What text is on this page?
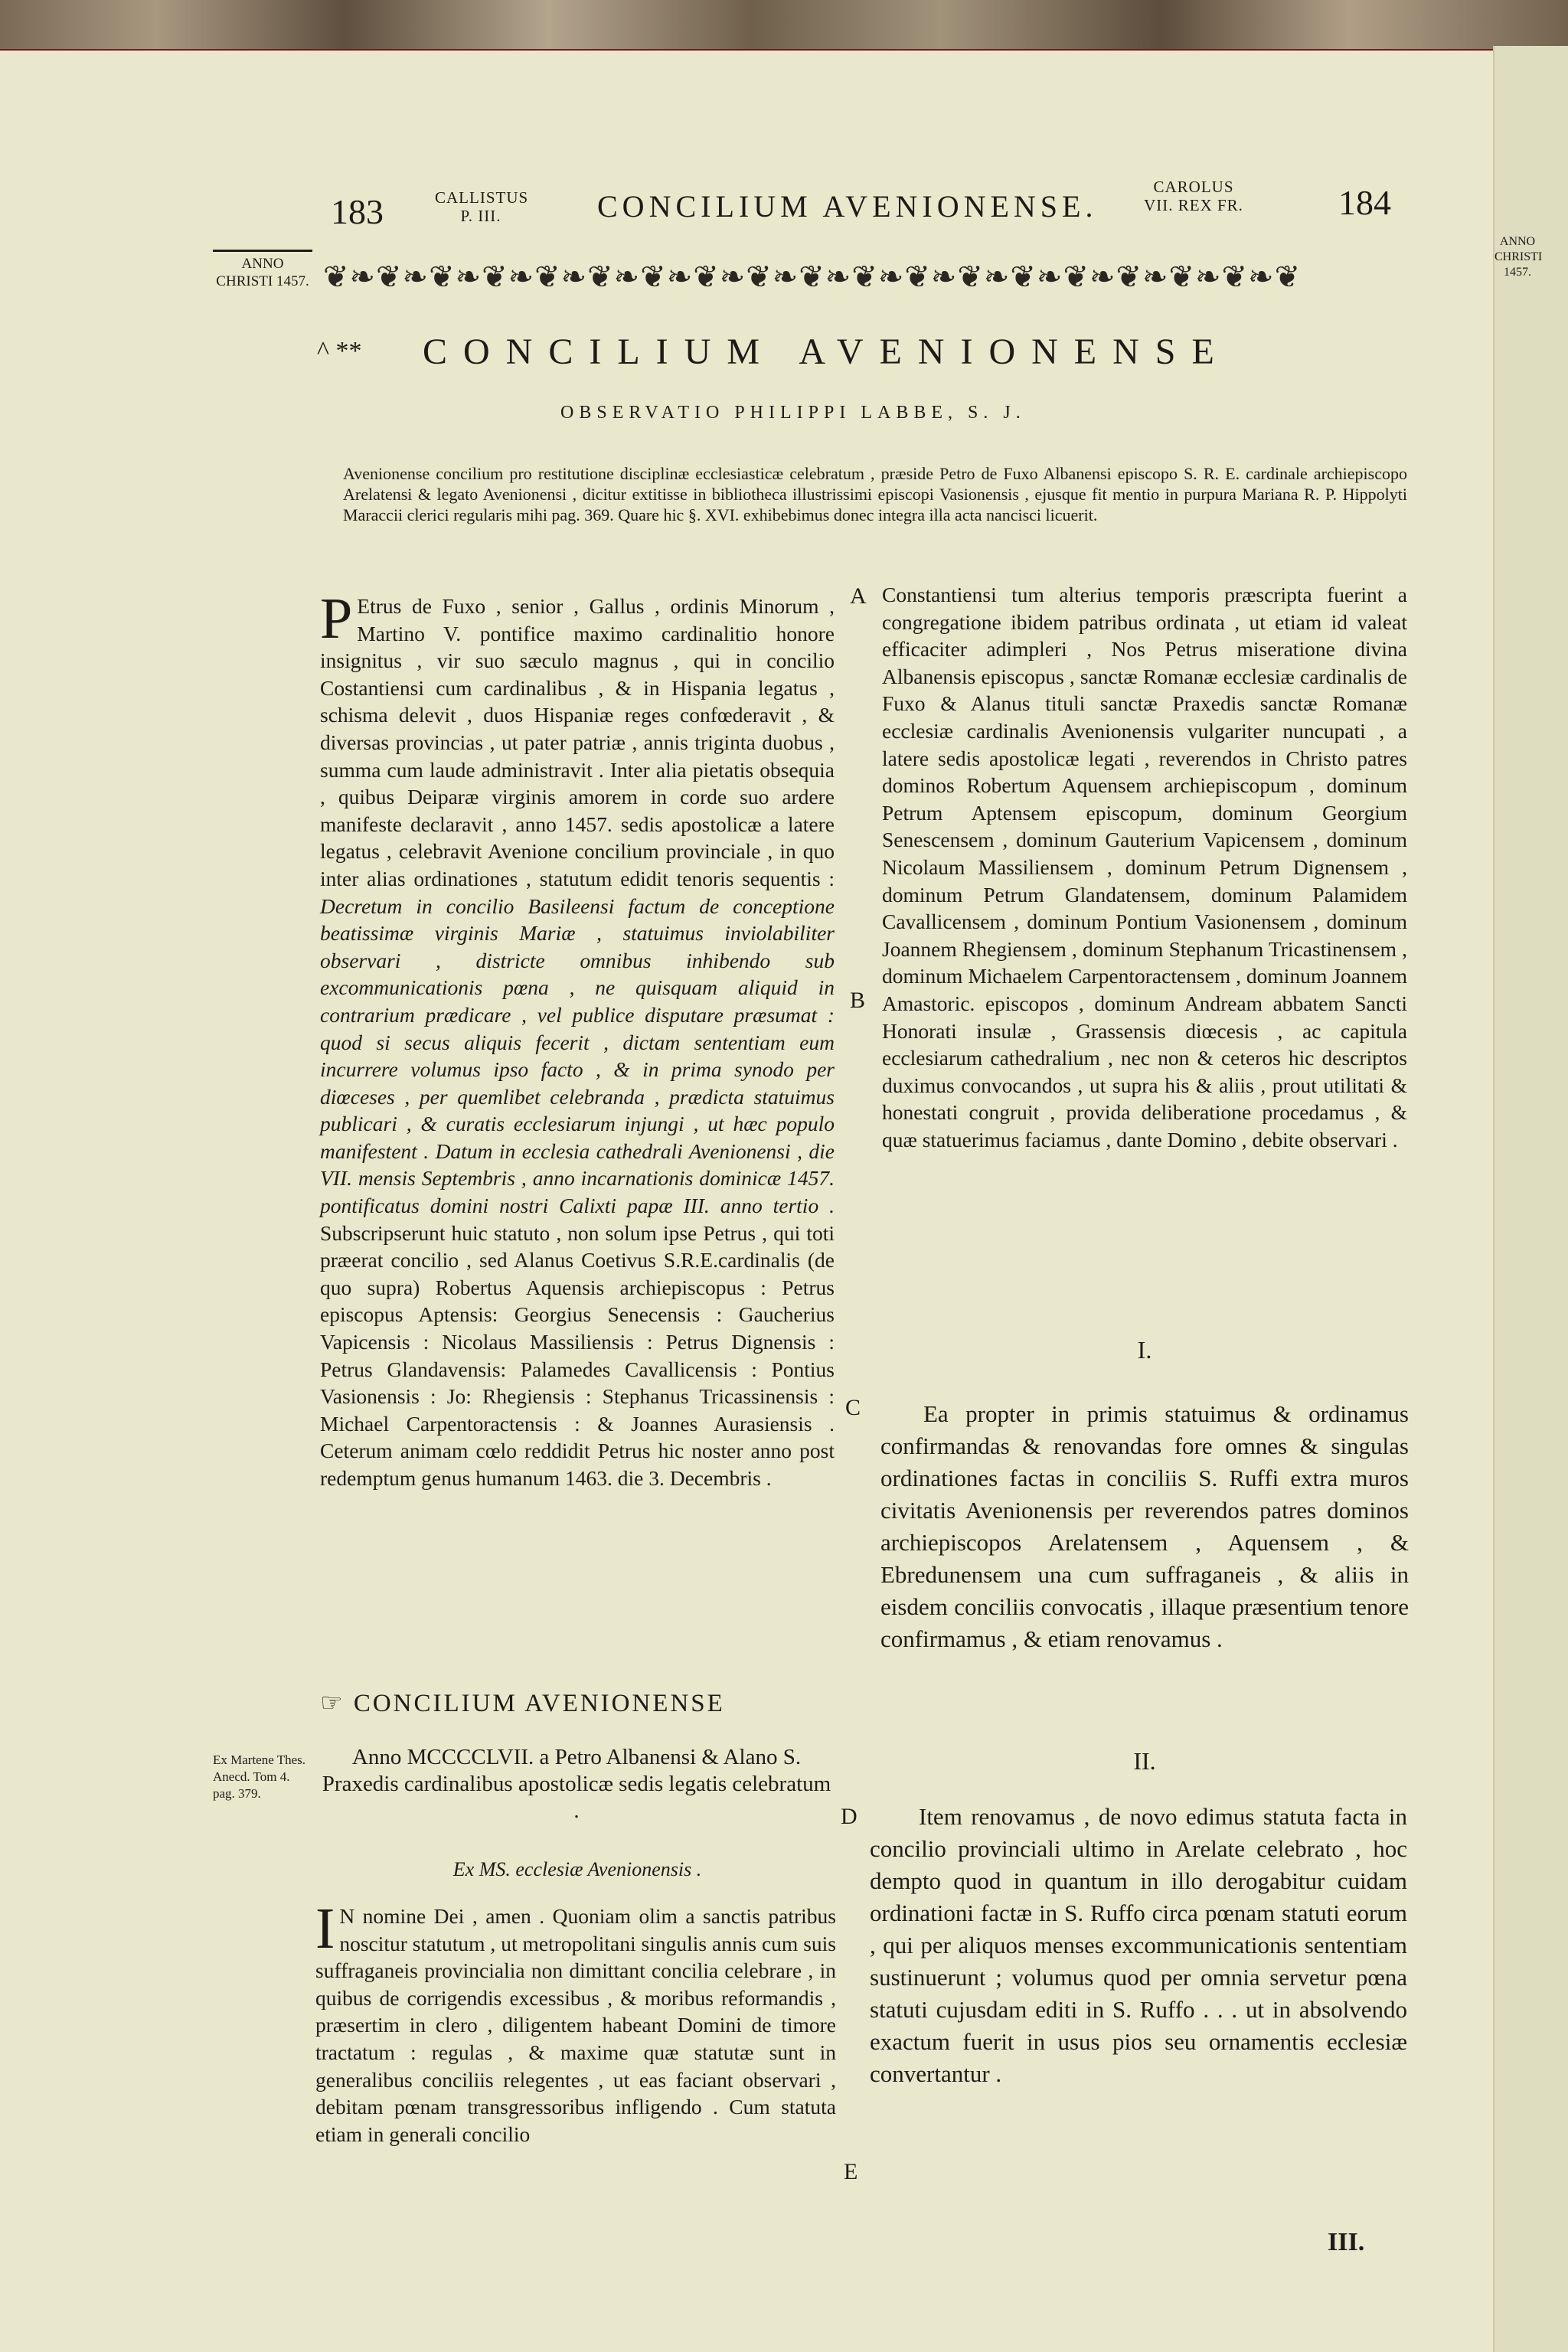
ANNO CHRISTI 1457.
183	CALLISTUS P. III.	CONCILIUM AVENIONENSE.
CAROLUS VII. REX FR.	184
ANNO CHRISTI 1457. ❦❧❦❧❦❧❦❧❦❧❦❧❦❧❦❧❦❧❦❧❦❧❦❧❦❧❦❧❦❧❦❧❦❧❦❧❦
^ ** CONCILIUM AVENIONENSE
OBSERVATIO PHILIPPI LABBE, S. J.
Avenionense concilium pro restitutione disciplinæ ecclesiasticæ celebratum , præside Petro de Fuxo Albanensi episcopo S. R. E. cardinale archiepiscopo Arelatensi & legato Avenionensi , dicitur extitisse in bibliotheca illustrissimi episcopi Vasionensis , ejusque fit mentio in purpura Mariana R. P. Hippolyti Maraccii clerici regularis mihi pag. 369. Quare hic §. XVI. exhibebimus donec integra illa acta nancisci licuerit.
P Etrus de Fuxo , senior , Gallus , ordinis Minorum , Martino V. pontifice maximo cardinalitio honore insignitus , vir suo sæculo magnus , qui in concilio Costantiensi cum cardinalibus , & in Hispania legatus , schisma delevit , duos Hispaniæ reges confœderavit , & diversas provincias , ut pater patriæ , annis triginta duobus , summa cum laude administravit . Inter alia pietatis obsequia , quibus Deiparæ virginis amorem in corde suo ardere manifeste declaravit , anno 1457. sedis apostolicæ a latere legatus , celebravit Avenione concilium provinciale , in quo inter alias ordinationes , statutum edidit tenoris sequentis : Decretum in concilio Basileensi factum de conceptione beatissimæ virginis Mariæ , statuimus inviolabiliter observari , districte omnibus inhibendo sub excommunicationis pœna , ne quisquam aliquid in contrarium prædicare , vel publice disputare præsumat : quod si secus aliquis fecerit , dictam sententiam eum incurrere volumus ipso facto , & in prima synodo per diœceses , per quemlibet celebranda , prædicta statuimus publicari , & curatis ecclesiarum injungi , ut hæc populo manifestent . Datum in ecclesia cathedrali Avenionensi , die VII. mensis Septembris , anno incarnationis dominicæ 1457. pontificatus domini nostri Calixti papæ III. anno tertio . Subscripserunt huic statuto , non solum ipse Petrus , qui toti præerat concilio , sed Alanus Coetivus S.R.E.cardinalis (de quo supra) Robertus Aquensis archiepiscopus : Petrus episcopus Aptensis: Georgius Senecensis : Gaucherius Vapicensis : Nicolaus Massiliensis : Petrus Dignensis : Petrus Glandavensis: Palamedes Cavallicensis : Pontius Vasionensis : Jo: Rhegiensis : Stephanus Tricassinensis : Michael Carpentoractensis : & Joannes Aurasiensis . Ceterum animam cœlo reddidit Petrus hic noster anno post redemptum genus humanum 1463. die 3. Decembris .
☞ CONCILIUM AVENIONENSE
Anno MCCCCLVII. a Petro Albanensi & Alano S. Praxedis cardinalibus apostolicæ sedis legatis celebratum .
Ex MS. ecclesiæ Avenionensis .
I N nomine Dei , amen . Quoniam olim a sanctis patribus noscitur statutum , ut metropolitani singulis annis cum suis suffraganeis provincialia non dimittant concilia celebrare , in quibus de corrigendis excessibus , & moribus reformandis , præsertim in clero , diligentem habeant Domini de timore tractatum : regulas , & maxime quæ statutæ sunt in generalibus conciliis relegentes , ut eas faciant observari , debitam pœnam transgressoribus infligendo . Cum statuta etiam in generali concilio
Ex Martene Thes. Anecd. Tom 4. pag. 379.
A
B
C
D
E
Constantiensi tum alterius temporis præscripta fuerint a congregatione ibidem patribus ordinata , ut etiam id valeat efficaciter adimpleri , Nos Petrus miseratione divina Albanensis episcopus , sanctæ Romanæ ecclesiæ cardinalis de Fuxo & Alanus tituli sanctæ Praxedis sanctæ Romanæ ecclesiæ cardinalis Avenionensis vulgariter nuncupati , a latere sedis apostolicæ legati , reverendos in Christo patres dominos Robertum Aquensem archiepiscopum , dominum Petrum Aptensem episcopum, dominum Georgium Senescensem , dominum Gauterium Vapicensem , dominum Nicolaum Massiliensem , dominum Petrum Dignensem , dominum Petrum Glandatensem, dominum Palamidem Cavallicensem , dominum Pontium Vasionensem , dominum Joannem Rhegiensem , dominum Stephanum Tricastinensem , dominum Michaelem Carpentoractensem , dominum Joannem Amastoric. episcopos , dominum Andream abbatem Sancti Honorati insulæ , Grassensis diœcesis , ac capitula ecclesiarum cathedralium , nec non & ceteros hic descriptos duximus convocandos , ut supra his & aliis , prout utilitati & honestati congruit , provida deliberatione procedamus , & quæ statuerimus faciamus , dante Domino , debite observari .
I.
Ea propter in primis statuimus & ordinamus confirmandas & renovandas fore omnes & singulas ordinationes factas in conciliis S. Ruffi extra muros civitatis Avenionensis per reverendos patres dominos archiepiscopos Arelatensem , Aquensem , & Ebredunensem una cum suffraganeis , & aliis in eisdem conciliis convocatis , illaque præsentium tenore confirmamus , & etiam renovamus .
II.
Item renovamus , de novo edimus statuta facta in concilio provinciali ultimo in Arelate celebrato , hoc dempto quod in quantum in illo derogabitur cuidam ordinationi factæ in S. Ruffo circa pœnam statuti eorum , qui per aliquos menses excommunicationis sententiam sustinuerunt ; volumus quod per omnia servetur pœna statuti cujusdam editi in S. Ruffo . . . ut in absolvendo exactum fuerit in usus pios seu ornamentis ecclesiæ convertantur .
III.
